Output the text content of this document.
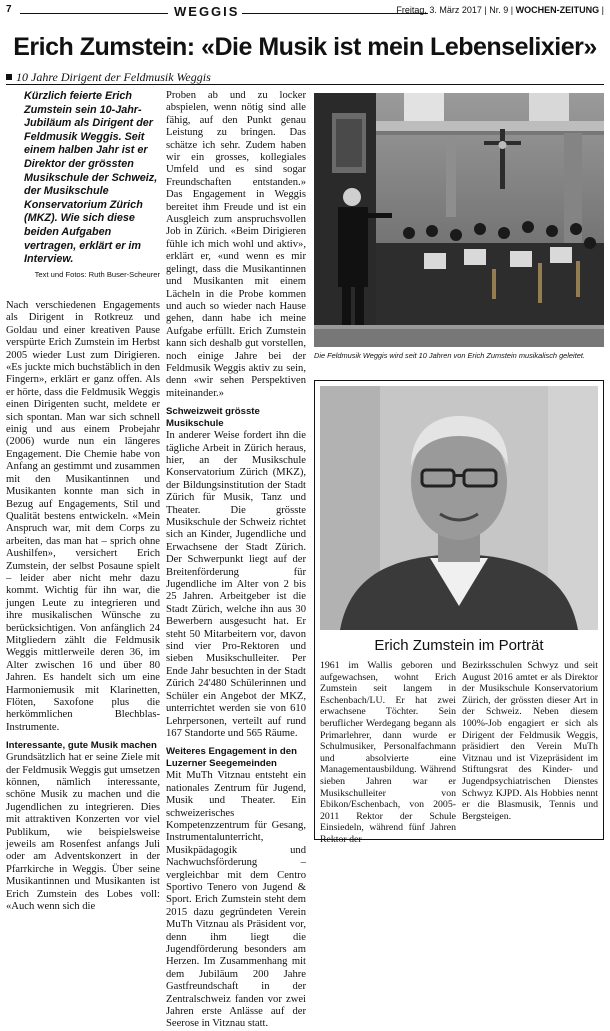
7	WEGGIS	Freitag, 3. März 2017 | Nr. 9 | WOCHEN-ZEITUNG |
Erich Zumstein: «Die Musik ist mein Lebenselixier»
10 Jahre Dirigent der Feldmusik Weggis
Kürzlich feierte Erich Zumstein sein 10-Jahr-Jubiläum als Dirigent der Feldmusik Weggis. Seit einem halben Jahr ist er Direktor der grössten Musikschule der Schweiz, der Musikschule Konservatorium Zürich (MKZ). Wie sich diese beiden Aufgaben vertragen, erklärt er im Interview.
Text und Fotos: Ruth Buser-Scheurer

Nach verschiedenen Engagements als Dirigent in Rotkreuz und Goldau und einer kreativen Pause verspürte Erich Zumstein im Herbst 2005 wieder Lust zum Dirigieren. «Es juckte mich buchstäblich in den Fingern», erklärt er ganz offen. Als er hörte, dass die Feldmusik Weggis einen Dirigenten sucht, meldete er sich spontan. Man war sich schnell einig und aus einem Probejahr (2006) wurde nun ein längeres Engagement. Die Chemie habe von Anfang an gestimmt und zusammen mit den Musikantinnen und Musikanten konnte man sich in Bezug auf Engagements, Stil und Qualität bestens entwickeln. «Mein Anspruch war, mit dem Corps zu arbeiten, das man hat – sprich ohne Aushilfen», versichert Erich Zumstein, der selbst Posaune spielt – leider aber nicht mehr dazu kommt. Wichtig für ihn war, die jungen Leute zu integrieren und ihre musikalischen Wünsche zu berücksichtigen. Von anfänglich 24 Mitgliedern zählt die Feldmusik Weggis mittlerweile deren 36, im Alter zwischen 16 und über 80 Jahren. Es handelt sich um eine Harmoniemusik mit Klarinetten, Flöten, Saxofone plus die herkömmlichen Blechblas-Instrumente.

Interessante, gute Musik machen

Grundsätzlich hat er seine Ziele mit der Feldmusik Weggis gut umsetzen können, nämlich interessante, schöne Musik zu machen und die Jugendlichen zu integrieren. Dies mit attraktiven Konzerten vor viel Publikum, wie beispielsweise jeweils am Rosenfest anfangs Juli oder am Adventskonzert in der Pfarrkirche in Weggis. Über seine Musikantinnen und Musikanten ist Erich Zumstein des Lobes voll: «Auch wenn sich die

Proben ab und zu locker abspielen, wenn nötig sind alle fähig, auf den Punkt genau Leistung zu bringen. Das schätze ich sehr. Zudem haben wir ein grosses, kollegiales Umfeld und es sind sogar Freundschaften entstanden.» Das Engagement in Weggis bereitet ihm Freude und ist ein Ausgleich zum anspruchsvollen Job in Zürich. «Beim Dirigieren fühle ich mich wohl und aktiv», erklärt er, «und wenn es mir gelingt, dass die Musikantinnen und Musikanten mit einem Lächeln in die Probe kommen und auch so wieder nach Hause gehen, dann habe ich meine Aufgabe erfüllt. Erich Zumstein kann sich deshalb gut vorstellen, noch einige Jahre bei der Feldmusik Weggis aktiv zu sein, denn «wir sehen Perspektiven miteinander.»

Schweizweit grösste Musikschule

In anderer Weise fordert ihn die tägliche Arbeit in Zürich heraus, hier, an der Musikschule Konservatorium Zürich (MKZ), der Bildungsinstitution der Stadt Zürich für Musik, Tanz und Theater. Die grösste Musikschule der Schweiz richtet sich an Kinder, Jugendliche und Erwachsene der Stadt Zürich. Der Schwerpunkt liegt auf der Breitenförderung für Jugendliche im Alter von 2 bis 25 Jahren. Arbeitgeber ist die Stadt Zürich, welche ihn aus 30 Bewerbern ausgesucht hat. Er steht 50 Mitarbeitern vor, davon sind vier Pro-Rektoren und sieben Musikschulleiter. Per Ende Jahr besuchten in der Stadt Zürich 24'480 Schülerinnen und Schüler ein Angebot der MKZ, unterrichtet werden sie von 610 Lehrpersonen, verteilt auf rund 167 Standorte und 565 Räume.

Weiteres Engagement in den Luzerner Seegemeinden

Mit MuTh Vitznau entsteht ein nationales Zentrum für Jugend, Musik und Theater. Ein schweizerisches Kompetenzzentrum für Gesang, Instrumentalunterricht, Musikpädagogik und Nachwuchsförderung – vergleichbar mit dem Centro Sportivo Tenero von Jugend & Sport. Erich Zumstein steht dem 2015 dazu gegründeten Verein MuTh Vitznau als Präsident vor, denn ihm liegt die Jugendförderung besonders am Herzen. Im Zusammenhang mit dem Jubiläum 200 Jahre Gastfreundschaft in der Zentralschweiz fanden vor zwei Jahren erste Anlässe auf der Seerose in Vitznau statt.

Die Feldmusik Weggis wird seit 10 Jahren von Erich Zumstein musikalisch geleitet.
Erich Zumstein im Porträt
1961 im Wallis geboren und aufgewachsen, wohnt Erich Zumstein seit langem in Eschenbach/LU. Er hat zwei erwachsene Töchter. Sein beruflicher Werdegang begann als Primarlehrer, dann wurde er Schulmusiker, Personalfachmann und absolvierte eine Managementausbildung. Während sieben Jahren war er Musikschulleiter von Ebikon/Eschenbach, von 2005-2011 Rektor der Schule Einsiedeln, während fünf Jahren Rektor der
Bezirksschulen Schwyz und seit August 2016 amtet er als Direktor der Musikschule Konservatorium Zürich, der grössten dieser Art in der Schweiz. Neben diesem 100%-Job engagiert er sich als Dirigent der Feldmusik Weggis, präsidiert den Verein MuTh Vitznau und ist Vizepräsident im Stiftungsrat des Kinder- und Jugendpsychiatrischen Dienstes Schwyz KJPD. Als Hobbies nennt er die Blasmusik, Tennis und Bergsteigen.
